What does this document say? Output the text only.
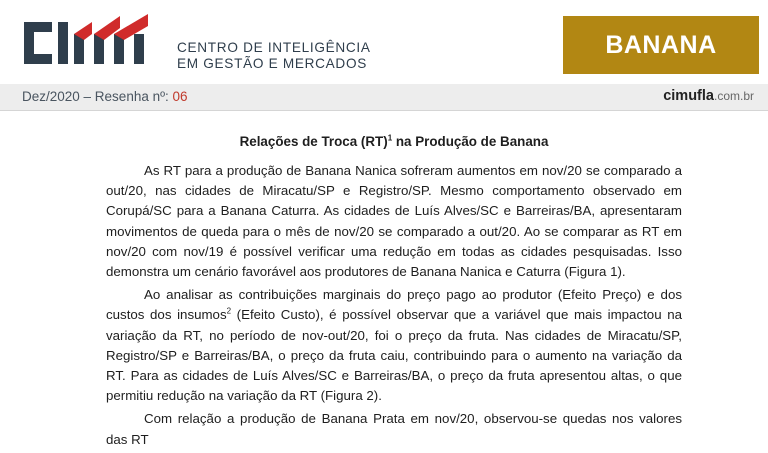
CENTRO DE INTELIGÊNCIA
EM GESTÃO E MERCADOS
BANANA
Dez/2020 – Resenha nº: 06	cimufla.com.br
Relações de Troca (RT)$^1$ na Produção de Banana

As RT para a produção de Banana Nanica sofreram aumentos em nov/20 se comparado a out/20, nas cidades de Miracatu/SP e Registro/SP. Mesmo comportamento observado em Corupá/SC para a Banana Caturra. As cidades de Luís Alves/SC e Barreiras/BA, apresentaram movimentos de queda para o mês de nov/20 se comparado a out/20. Ao se comparar as RT em nov/20 com nov/19 é possível verificar uma redução em todas as cidades pesquisadas. Isso demonstra um cenário favorável aos produtores de Banana Nanica e Caturra (Figura 1).

Ao analisar as contribuições marginais do preço pago ao produtor (Efeito Preço) e dos custos dos insumos$^2$ (Efeito Custo), é possível observar que a variável que mais impactou na variação da RT, no período de nov-out/20, foi o preço da fruta. Nas cidades de Miracatu/SP, Registro/SP e Barreiras/BA, o preço da fruta caiu, contribuindo para o aumento na variação da RT. Para as cidades de Luís Alves/SC e Barreiras/BA, o preço da fruta apresentou altas, o que permitiu redução na variação da RT (Figura 2).

Com relação a produção de Banana Prata em nov/20, observou-se quedas nos valores das RT
